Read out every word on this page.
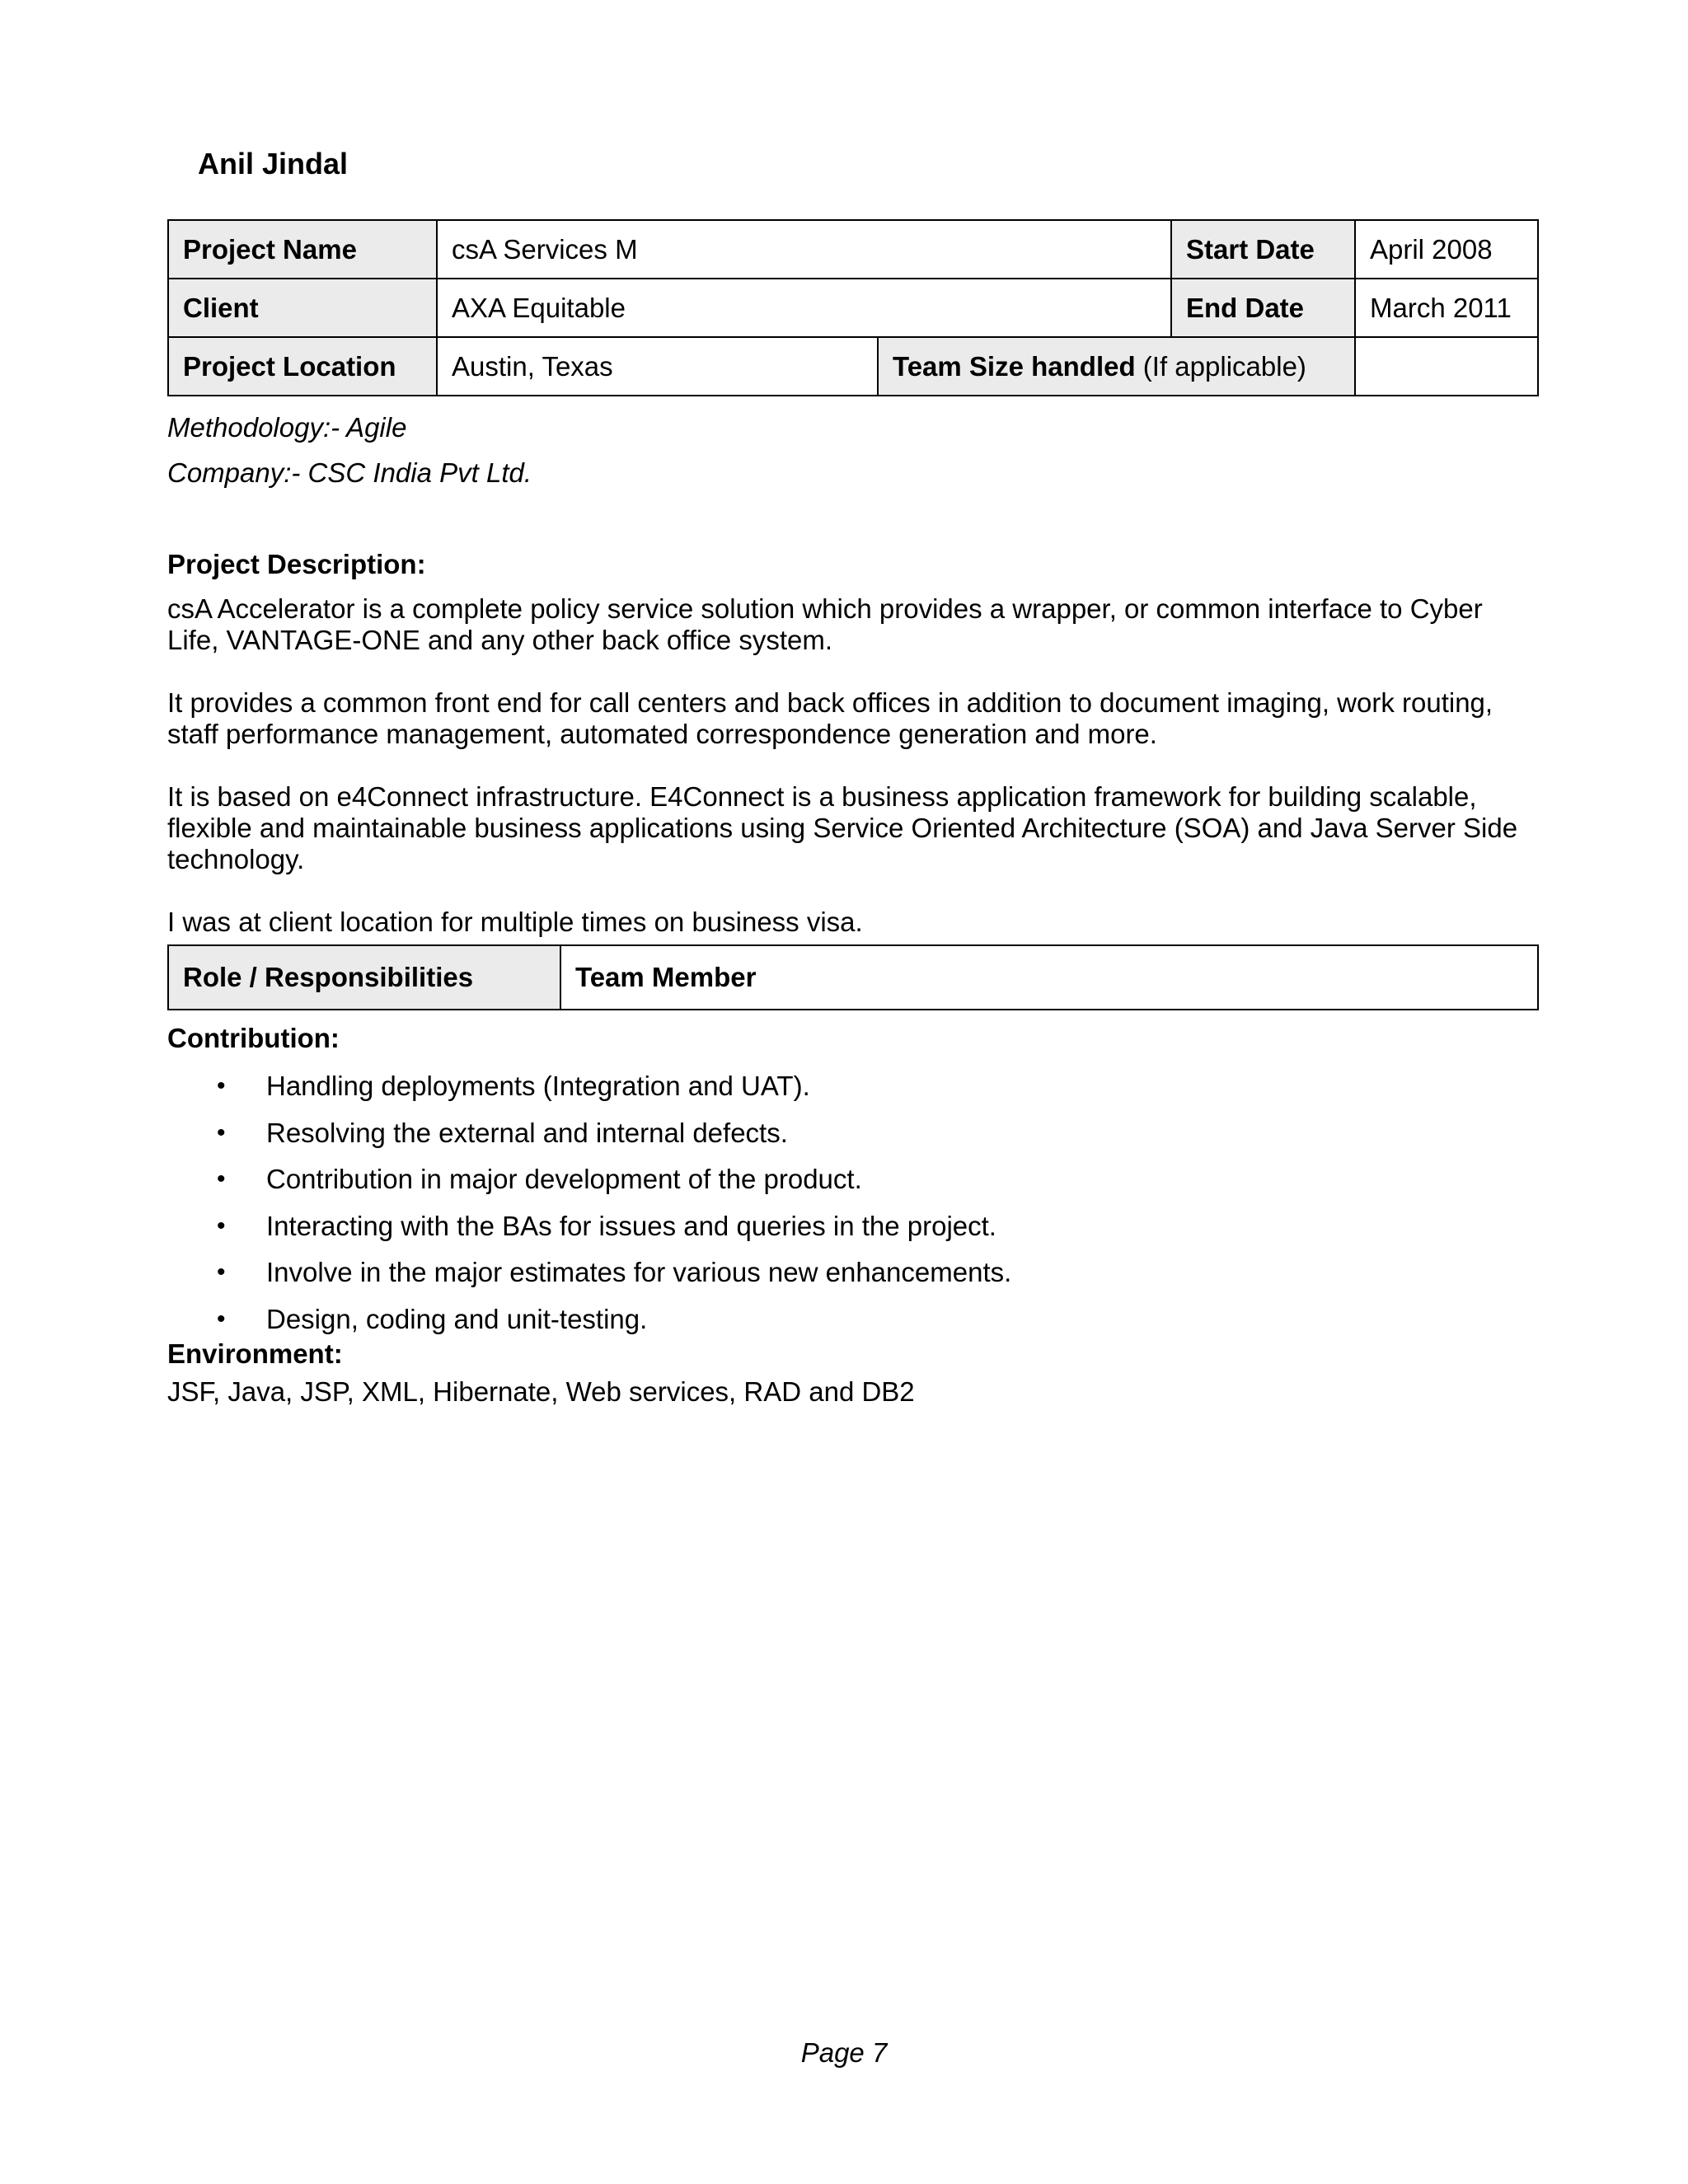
Anil Jindal
Project Name	csA Services M		Start Date	April 2008
Client	AXA Equitable		End Date	March 2011
Project Location	Austin, Texas	Team Size handled (If applicable)		
Methodology:- Agile
Company:- CSC India Pvt Ltd.
Project Description:
csA Accelerator is a complete policy service solution which provides a wrapper, or common interface to Cyber Life, VANTAGE-ONE and any other back office system.
It provides a common front end for call centers and back offices in addition to document imaging, work routing, staff performance management, automated correspondence generation and more.
It is based on e4Connect infrastructure. E4Connect is a business application framework for building scalable, flexible and maintainable business applications using Service Oriented Architecture (SOA) and Java Server Side technology.
I was at client location for multiple times on business visa.
Role / Responsibilities	Team Member
Contribution:
• Handling deployments (Integration and UAT).
• Resolving the external and internal defects.
• Contribution in major development of the product.
• Interacting with the BAs for issues and queries in the project.
• Involve in the major estimates for various new enhancements.
• Design, coding and unit-testing.
Environment:
JSF, Java, JSP, XML, Hibernate, Web services, RAD and DB2
Page 7
